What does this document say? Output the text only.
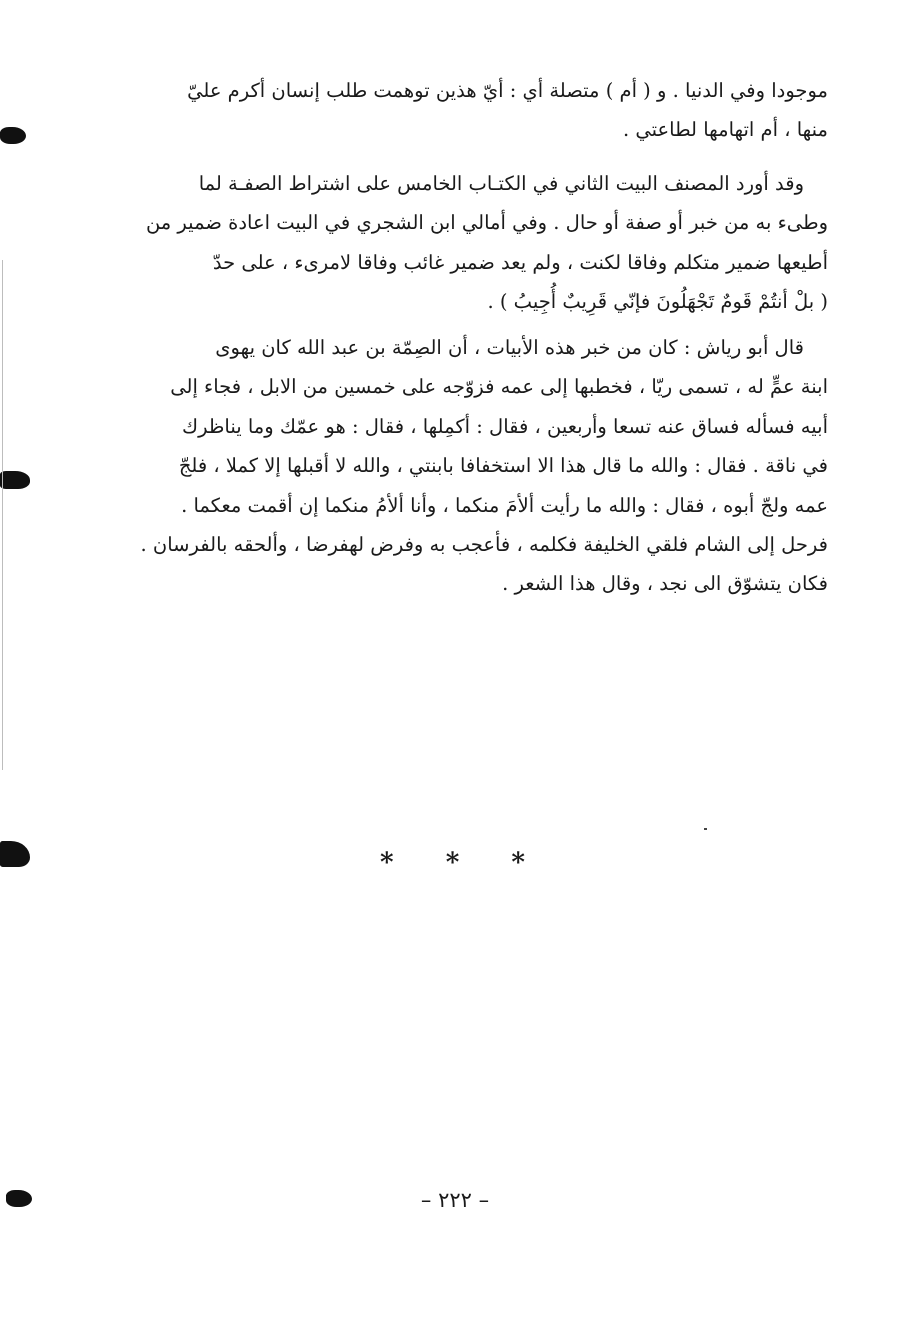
موجودا وفي الدنيا . و ( أم ) متصلة أي : أيّ هذين توهمت طلب إنسان أكرم عليّ

منها ، أم اتهامها لطاعتي .

وقد أورد المصنف البيت الثاني في الكتـاب الخامس على اشتراط الصفـة لما

وطىء به من خبر أو صفة أو حال . وفي أمالي ابن الشجري في البيت اعادة ضمير من

أطيعها ضمير متكلم وفاقا لكنت ، ولم يعد ضمير غائب وفاقا لامرىء ، على حدّ

( بلْ أنتُمْ قَومٌ تَجْهَلُونَ فإنّي قَرِيبٌ أُجِيبُ ) .

قال أبو رياش : كان من خبر هذه الأبيات ، أن الصِمّة بن عبد الله كان يهوى

ابنة عمٍّ له ، تسمى ريّا ، فخطبها إلى عمه فزوّجه على خمسين من الابل ، فجاء إلى

أبيه فسأله فساق عنه تسعا وأربعين ، فقال : أكمِلها ، فقال : هو عمّك وما يناظرك

في ناقة . فقال : والله ما قال هذا الا استخفافا بابنتي ، والله لا أقبلها إلا كملا ، فلجّ

عمه ولجّ أبوه ، فقال : والله ما رأيت ألأمَ منكما ، وأنا ألأمُ منكما إن أقمت معكما .

فرحل إلى الشام فلقي الخليفة فكلمه ، فأعجب به وفرض لهفرضا ، وألحقه بالفرسان .

فكان يتشوّق الى نجد ، وقال هذا الشعر .

* * *
– ٢٢٢ –
